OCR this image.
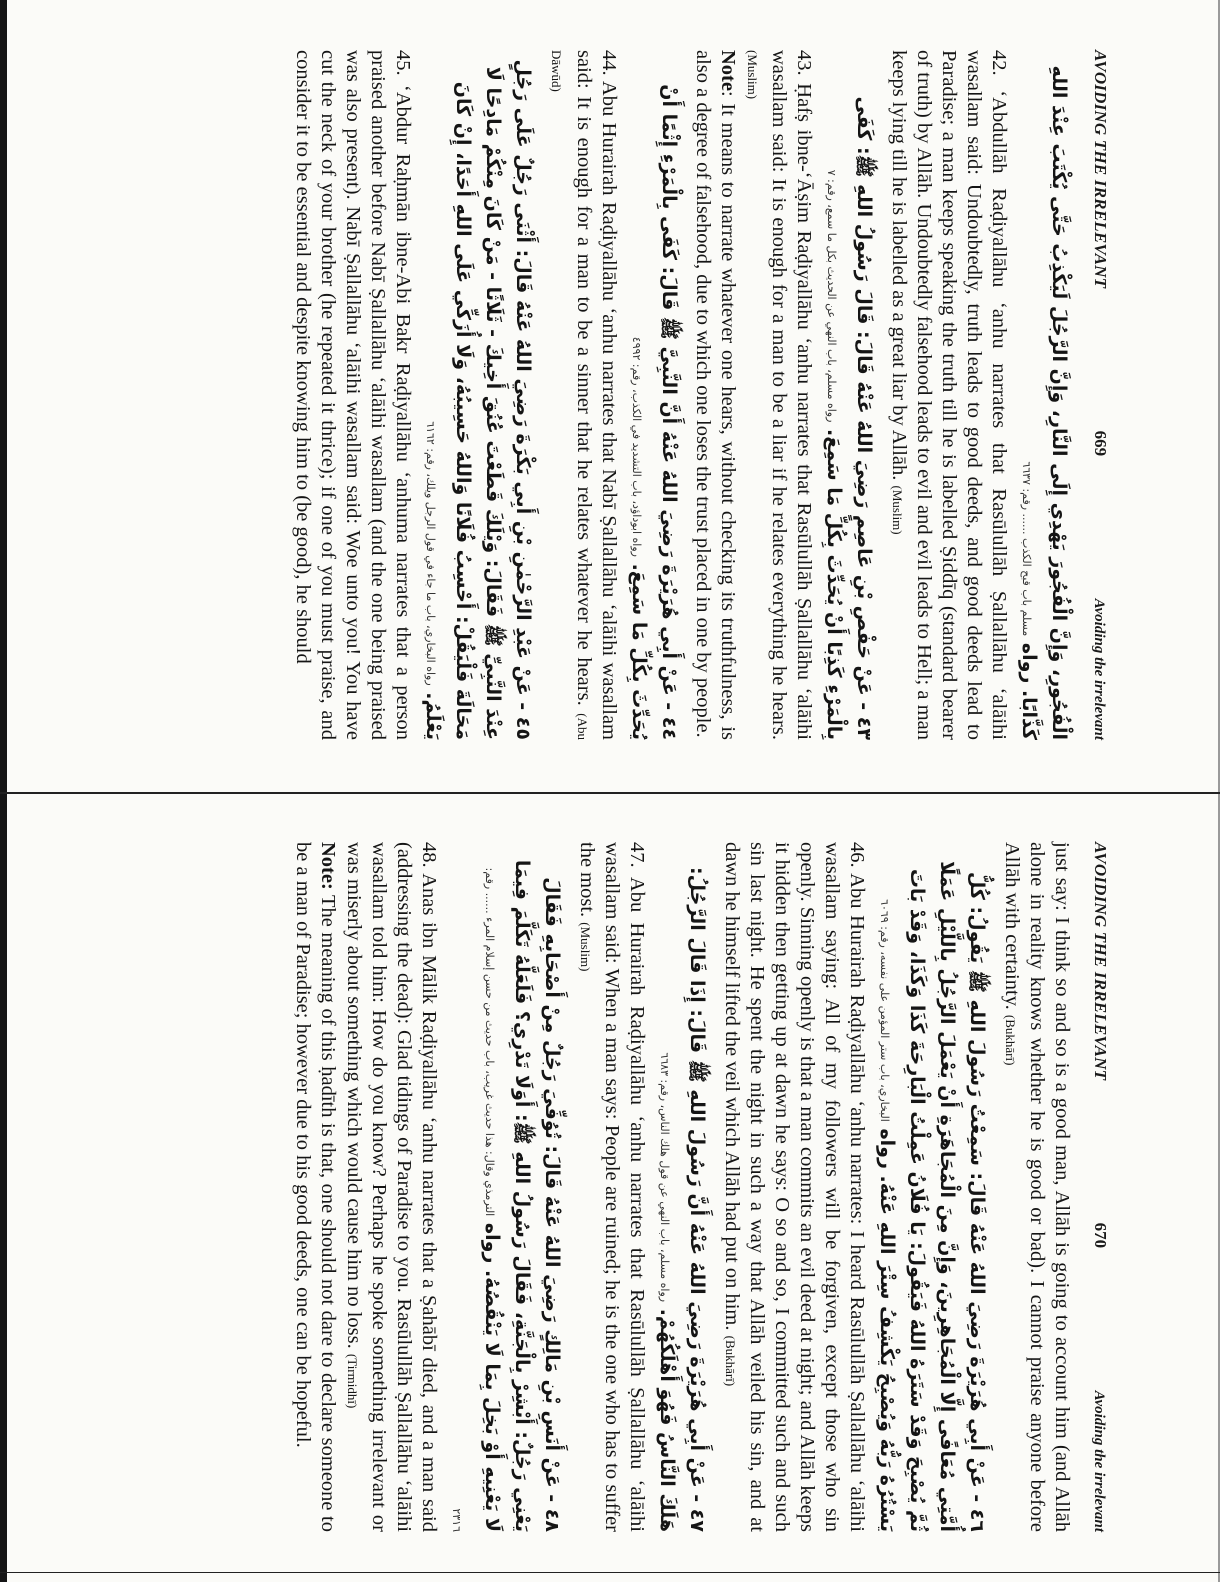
AVOIDING THE IRRELEVANT
669
Avoiding the irrelevant
الْفُجُورِ، وَإِنَّ الْفُجُورَ يَهْدِي إِلَى النَّارِ، وَإِنَّ الرَّجُلَ لَيَكْذِبُ حَتَّى يُكْتَبَ عِنْدَ اللهِ كَذَّابًا. رواه مسلم باب قبح الكذب ...... رقم: ٦٦٣٧
42. ‘Abdullāh Raḍiyallāhu ‘anhu narrates that Rasūlullāh Ṣallallāhu ‘alāihi wasallam said: Undoubtedly, truth leads to good deeds, and good deeds lead to Paradise; a man keeps speaking the truth till he is labelled Ṣiddīq (standard bearer of truth) by Allāh. Undoubtedly falsehood leads to evil and evil leads to Hell; a man keeps lying till he is labelled as a great liar by Allāh. (Muslim)
٤٣ - عَنْ حَفْصِ بْنِ عَاصِمٍ رَضِيَ اللهُ عَنْهُ قَالَ: قَالَ رَسُولُ اللهِ ﷺ: كَفَى بِالْمَرْءِ كَذِبًا أَنْ يُحَدِّثَ بِكُلِّ مَا سَمِعَ. رواه مسلم، باب النهي عن الحديث بكل ما سمع، رقم: ٧
43. Ḥafṣ ibne-‘Āṣim Raḍiyallāhu ‘anhu narrates that Rasūlullāh Ṣallallāhu ‘alāihi wasallam said: It is enough for a man to be a liar if he relates everything he hears. (Muslim)
Note: It means to narrate whatever one hears, without checking its truthfulness, is also a degree of falsehood, due to which one loses the trust placed in one by people.
٤٤ - عَنْ أَبِي هُرَيْرَةَ رَضِيَ اللهُ عَنْهُ أَنَّ النَّبِيَّ ﷺ قَالَ: كَفَى بِالْمَرْءِ إِثْمًا أَنْ يُحَدِّثَ بِكُلِّ مَا سَمِعَ. رواه ابوداؤد، باب التشديد في الكذب، رقم: ٤٩٩٢
44. Abu Hurairah Raḍiyallāhu ‘anhu narrates that Nabī Ṣallallāhu ‘alāihi wasallam said: It is enough for a man to be a sinner that he relates whatever he hears. (Abu Dāwūd)
٤٥ - عَنْ عَبْدِ الرَّحْمٰنِ بْنِ أَبِي بَكْرَةَ رَضِيَ اللهُ عَنْهُ قَالَ: أَثْنَى رَجُلٌ عَلَى رَجُلٍ عِنْدَ النَّبِيِّ ﷺ فَقَالَ: وَيْلَكَ قَطَعْتَ عُنُقَ أَخِيكَ - ثَلَاثًا - مَنْ كَانَ مِنْكُمْ مَادِحًا لَا مَحَالَةَ فَلْيَقُلْ: أَحْسِبُ فُلَانًا وَاللهُ حَسِيبُهُ، وَلَا أُزَكِّي عَلَى اللهِ أَحَدًا، إِنْ كَانَ يَعْلَمُ. رواه البخاري، باب ما جاء في قول الرجل ويلك، رقم: ٦١٦٢
45. ‘Abdur Raḥmān ibne-Abi Bakr Raḍiyallāhu ‘anhuma narrates that a person praised another before Nabī Ṣallallāhu ‘alāihi wasallam (and the one being praised was also present). Nabī Ṣallallāhu ‘alāihi wasallam said: Woe unto you! You have cut the neck of your brother (he repeated it thrice); if one of you must praise, and consider it to be essential and despite knowing him to (be good), he should
AVOIDING THE IRRELEVANT
670
Avoiding the irrelevant
just say: I think so and so is a good man, Allāh is going to account him (and Allāh alone in reality knows whether he is good or bad). I cannot praise anyone before Allāh with certainty. (Bukhārī)
٤٦ - عَنْ أَبِي هُرَيْرَةَ رَضِيَ اللهُ عَنْهُ قَالَ: سَمِعْتُ رَسُولَ اللهِ ﷺ يَقُولُ: كُلُّ أُمَّتِي مُعَافًى إِلَّا الْمُجَاهِرِينَ، وَإِنَّ مِنَ الْمُجَاهَرَةِ أَنْ يَعْمَلَ الرَّجُلُ بِاللَّيْلِ عَمَلًا ثُمَّ يُصْبِحَ وَقَدْ سَتَرَهُ اللهُ فَيَقُولَ: يَا فُلَانُ عَمِلْتُ الْبَارِحَةَ كَذَا وَكَذَا، وَقَدْ بَاتَ يَسْتُرُهُ رَبُّهُ وَيُصْبِحُ يَكْشِفُ سِتْرَ اللهِ عَنْهُ. رواه البخاري، باب ستر المؤمن على نفسه، رقم: ٦٠٦٩
46. Abu Hurairah Raḍiyallāhu ‘anhu narrates: I heard Rasūlullāh Ṣallallāhu ‘alāihi wasallam saying: All of my followers will be forgiven, except those who sin openly. Sinning openly is that a man commits an evil deed at night; and Allāh keeps it hidden then getting up at dawn he says: O so and so, I committed such and such sin last night. He spent the night in such a way that Allāh veiled his sin, and at dawn he himself lifted the veil which Allāh had put on him. (Bukhārī)
٤٧ - عَنْ أَبِي هُرَيْرَةَ رَضِيَ اللهُ عَنْهُ أَنَّ رَسُولَ اللهِ ﷺ قَالَ: إِذَا قَالَ الرَّجُلُ: هَلَكَ النَّاسُ فَهُوَ أَهْلَكُهُمْ. رواه مسلم، باب النهي عن قول هلك الناس، رقم: ٦٦٨٣
47. Abu Hurairah Raḍiyallāhu ‘anhu narrates that Rasūlullāh Ṣallallāhu ‘alāihi wasallam said: When a man says: People are ruined; he is the one who has to suffer the most. (Muslim)
٤٨ - عَنْ أَنَسِ بْنِ مَالِكٍ رَضِيَ اللهُ عَنْهُ قَالَ: تُوُفِّيَ رَجُلٌ مِنْ أَصْحَابِهِ فَقَالَ يَعْنِي رَجُلٌ: أَبْشِرْ بِالْجَنَّةِ، فَقَالَ رَسُولُ اللهِ ﷺ: أَوَلَا تَدْرِي؟ فَلَعَلَّهُ تَكَلَّمَ فِيمَا لَا يَعْنِيهِ أَوْ بَخِلَ بِمَا لَا يَنْقُصُهُ. رواه الترمذي وقال: هذا حديث غريب، باب حديث من حسن إسلام المرء ...... رقم: ٢٣١٦
48. Anas ibn Mālik Raḍiyallāhu ‘anhu narrates that a Ṣahābī died, and a man said (addressing the dead): Glad tidings of Paradise to you. Rasūlullāh Ṣallallāhu ‘alāihi wasallam told him: How do you know? Perhaps he spoke something irrelevant or was miserly about something which would cause him no loss. (Tirmidhī)
Note: The meaning of this ḥadīth is that, one should not dare to declare someone to be a man of Paradise; however due to his good deeds, one can be hopeful.
